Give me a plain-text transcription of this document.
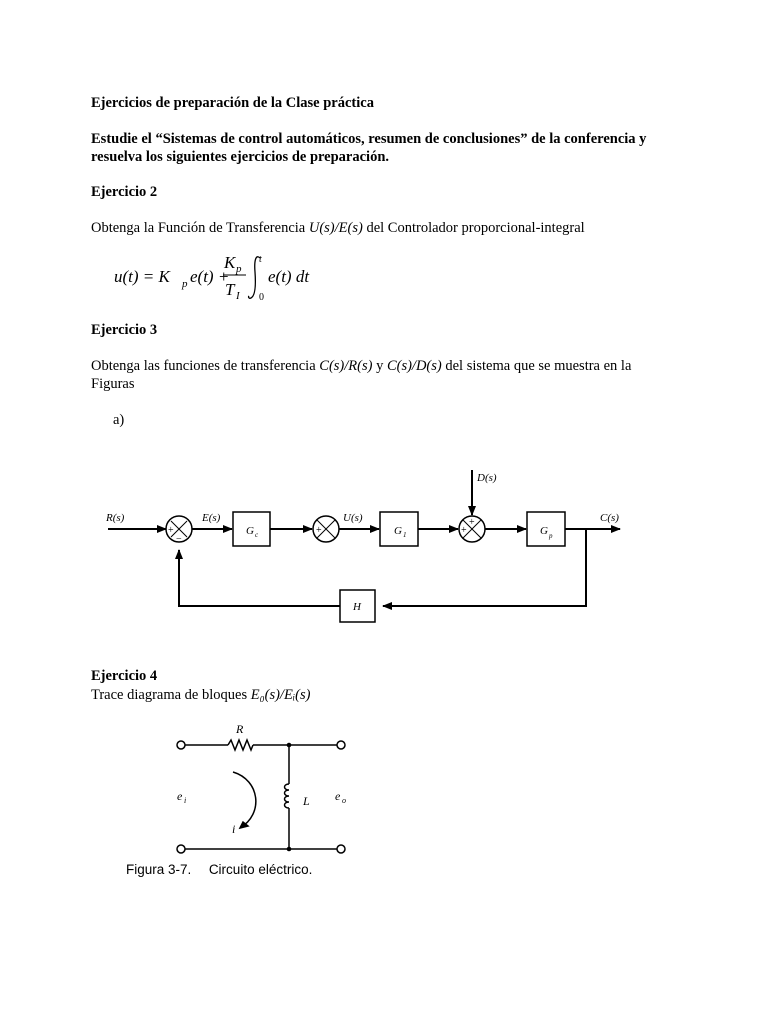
Ejercicios de preparación de la Clase práctica
Estudie el “Sistemas de control automáticos, resumen de conclusiones” de la conferencia y
resuelva los siguientes ejercicios de preparación.
Ejercicio 2
Obtenga la Función de Transferencia U(s)/E(s) del Controlador proporcional-integral
u(t) = K p e(t) +
K p
T I
t
0
e(t) dt
Ejercicio 3
Obtenga las funciones de transferencia C(s)/R(s) y C(s)/D(s) del sistema que se muestra en la
Figuras
a)
R(s)	E(s)	U(s)
D(s)
C(s)
G c	G 1	G p
H
+
−
+	+
+
Ejercicio 4
Trace diagrama de bloques E₀(s)/Eᵢ(s)
R
L
e i	e o
i
Figura 3-7. Circuito eléctrico.
